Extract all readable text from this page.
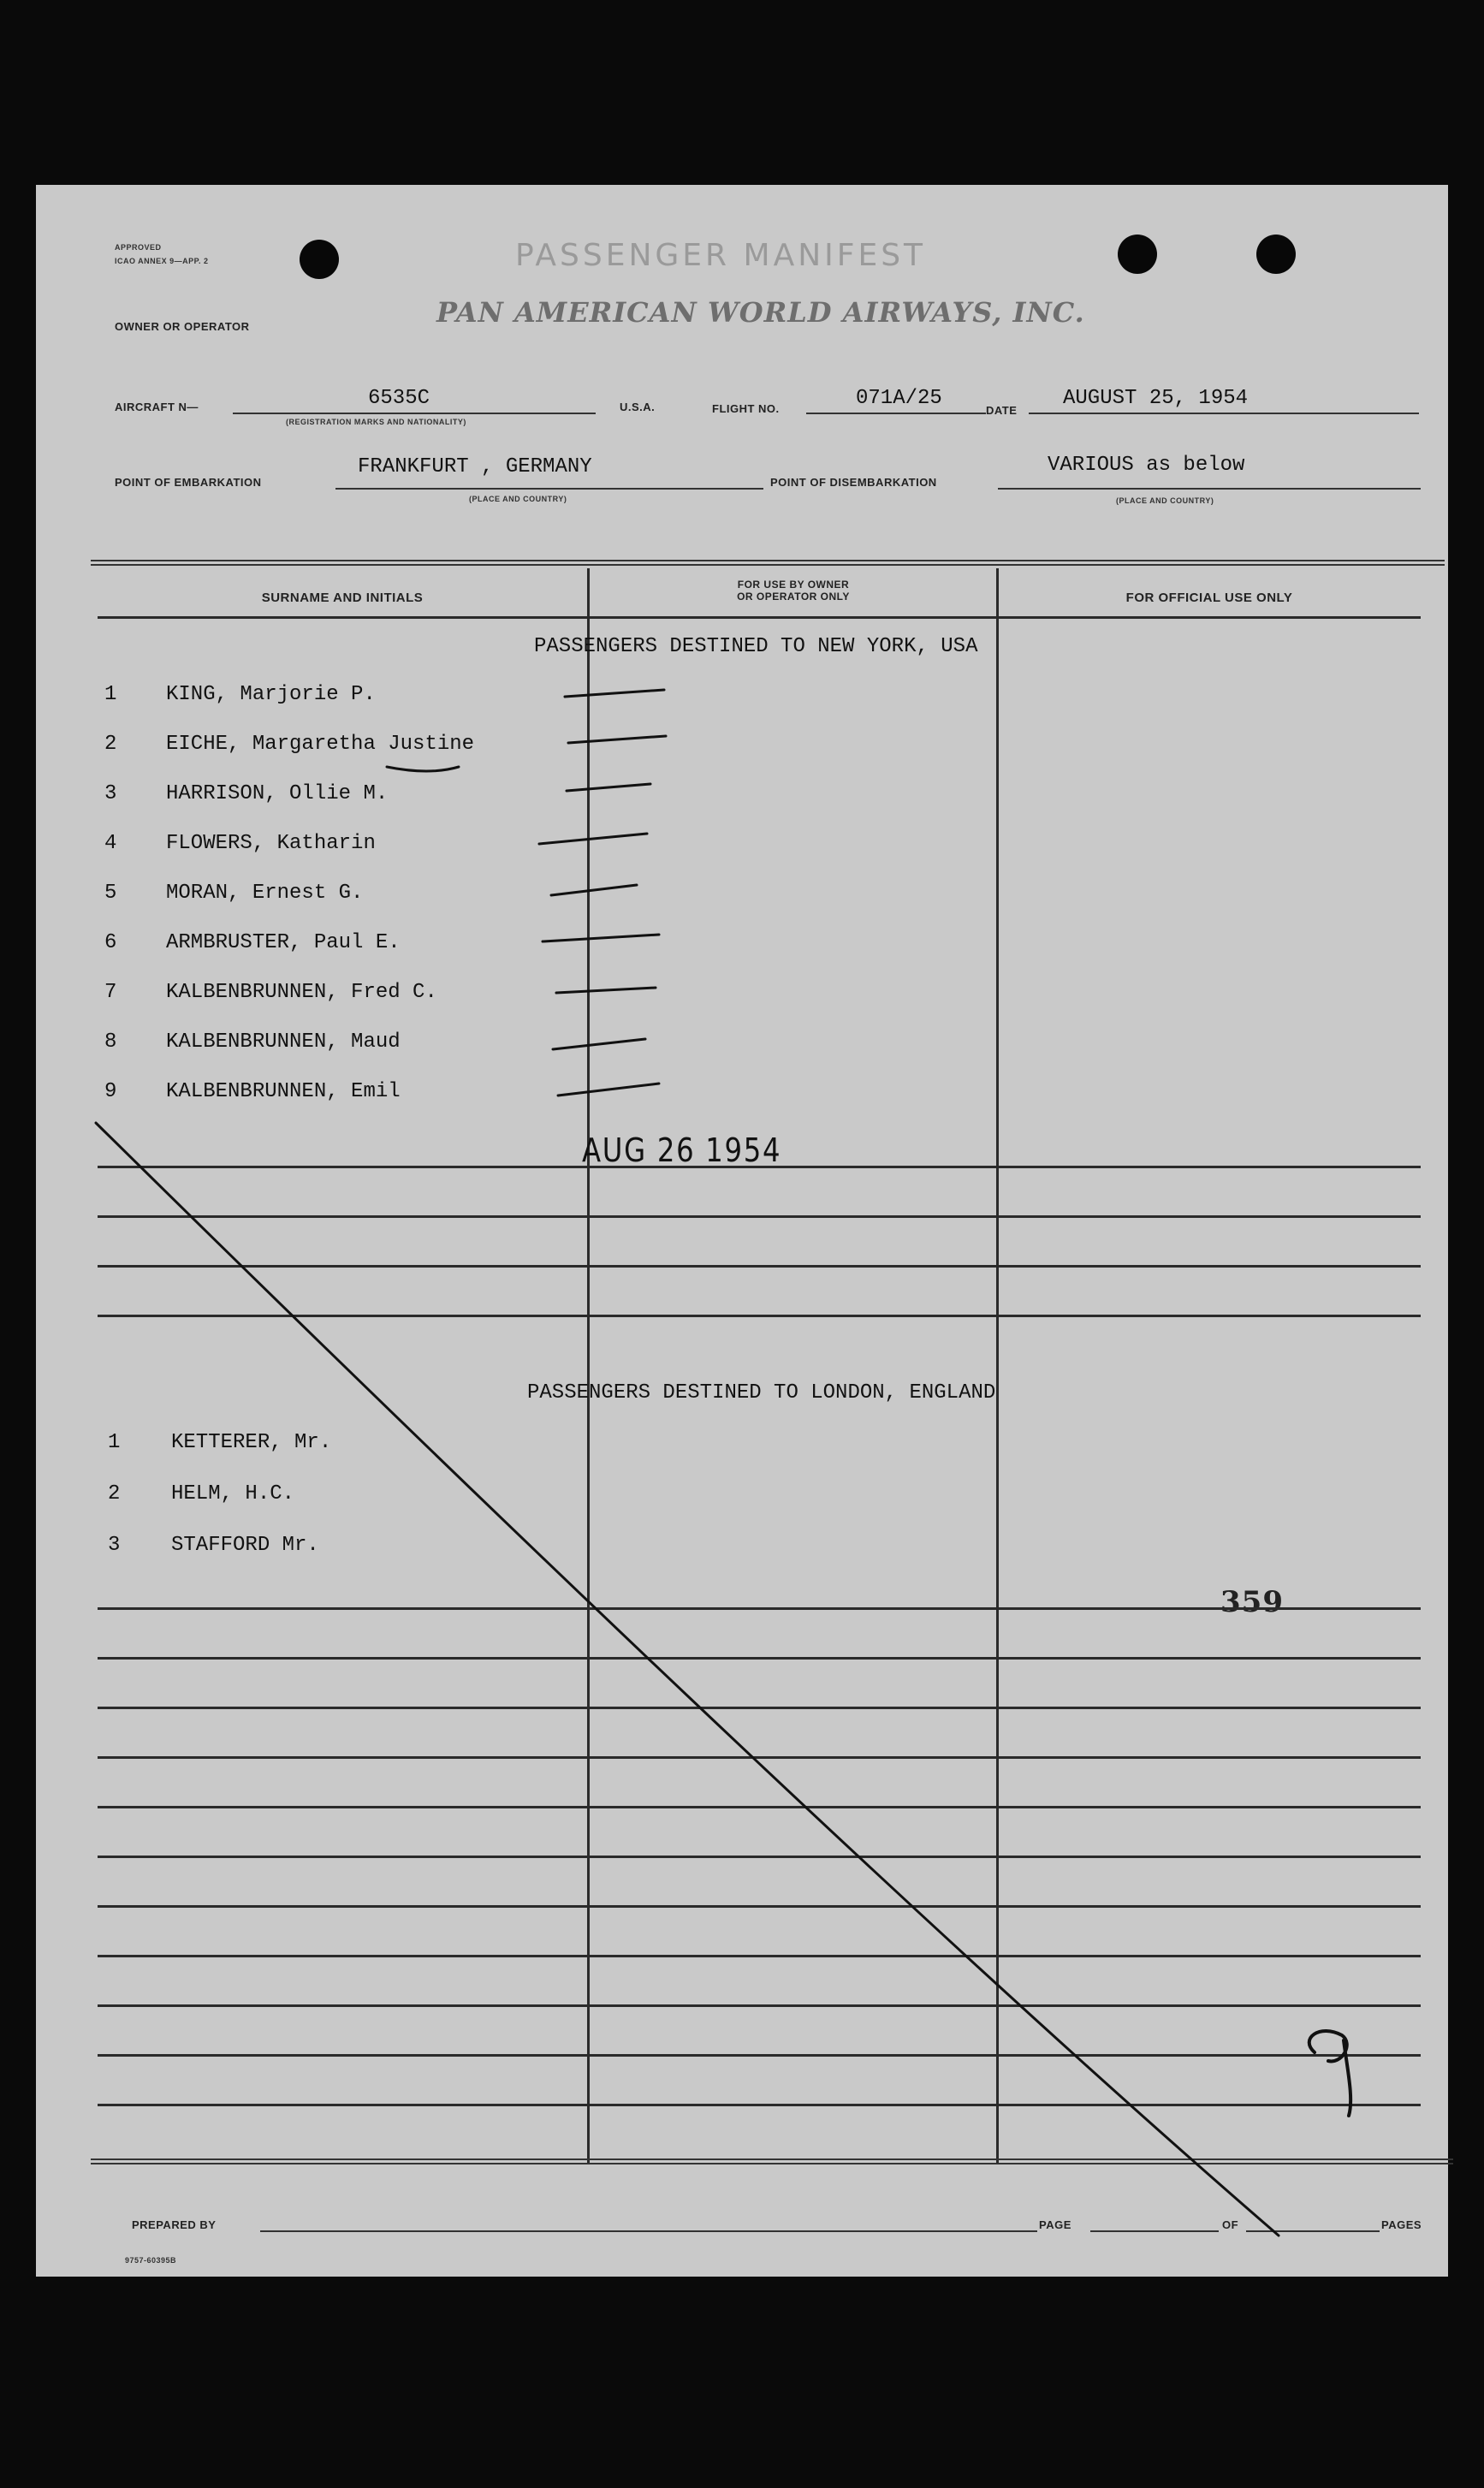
APPROVED
ICAO ANNEX 9—APP. 2	PASSENGER MANIFEST
OWNER OR OPERATOR	PAN AMERICAN WORLD AIRWAYS, INC.
AIRCRAFT N—	6535C
(REGISTRATION MARKS AND NATIONALITY)
U.S.A.	FLIGHT NO.	071A/25
DATE
AUGUST 25, 1954
POINT OF EMBARKATION
FRANKFURT , GERMANY
(PLACE AND COUNTRY)
POINT OF DISEMBARKATION
VARIOUS as below
(PLACE AND COUNTRY)
SURNAME AND INITIALS
FOR USE BY OWNER
OR OPERATOR ONLY	FOR OFFICIAL USE ONLY
PASSENGERS DESTINED TO NEW YORK, USA
1 KING, Marjorie P.
2 EICHE, Margaretha Justine
3 HARRISON, Ollie M.
4 FLOWERS, Katharin
5 MORAN, Ernest G.
6 ARMBRUSTER, Paul E.
7 KALBENBRUNNEN, Fred C.
8 KALBENBRUNNEN, Maud
9 KALBENBRUNNEN, Emil
AUG 26 1954
PASSENGERS DESTINED TO LONDON, ENGLAND
1 KETTERER, Mr.
2 HELM, H.C.
3 STAFFORD Mr.
359
PREPARED BY	PAGE	OF	PAGES
9757-60395B
9
